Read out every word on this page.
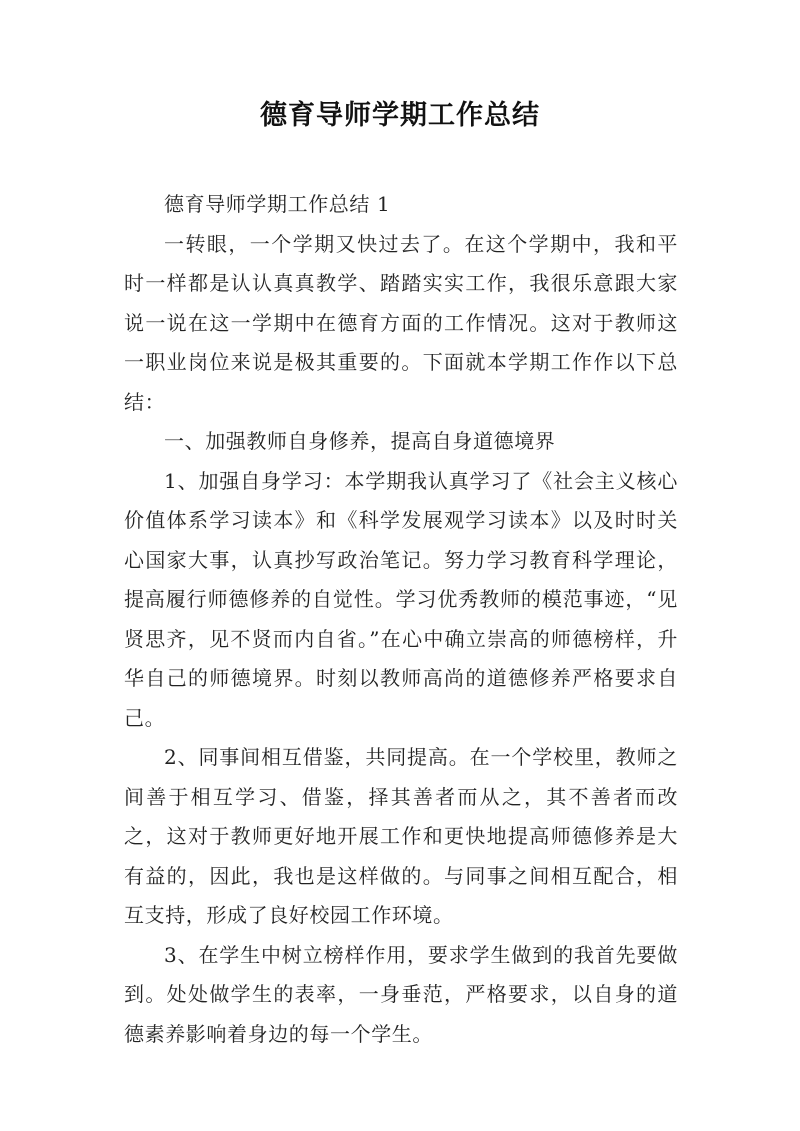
德育导师学期工作总结

德育导师学期工作总结 1

一转眼，一个学期又快过去了。在这个学期中，我和平时一样都是认认真真教学、踏踏实实工作，我很乐意跟大家说一说在这一学期中在德育方面的工作情况。这对于教师这一职业岗位来说是极其重要的。下面就本学期工作作以下总结：

一、加强教师自身修养，提高自身道德境界

1、加强自身学习：本学期我认真学习了《社会主义核心价值体系学习读本》和《科学发展观学习读本》以及时时关心国家大事，认真抄写政治笔记。努力学习教育科学理论，提高履行师德修养的自觉性。学习优秀教师的模范事迹，“见贤思齐，见不贤而内自省。”在心中确立崇高的师德榜样，升华自己的师德境界。时刻以教师高尚的道德修养严格要求自己。

2、同事间相互借鉴，共同提高。在一个学校里，教师之间善于相互学习、借鉴，择其善者而从之，其不善者而改之，这对于教师更好地开展工作和更快地提高师德修养是大有益的，因此，我也是这样做的。与同事之间相互配合，相互支持，形成了良好校园工作环境。

3、在学生中树立榜样作用，要求学生做到的我首先要做到。处处做学生的表率，一身垂范，严格要求，以自身的道德素养影响着身边的每一个学生。
